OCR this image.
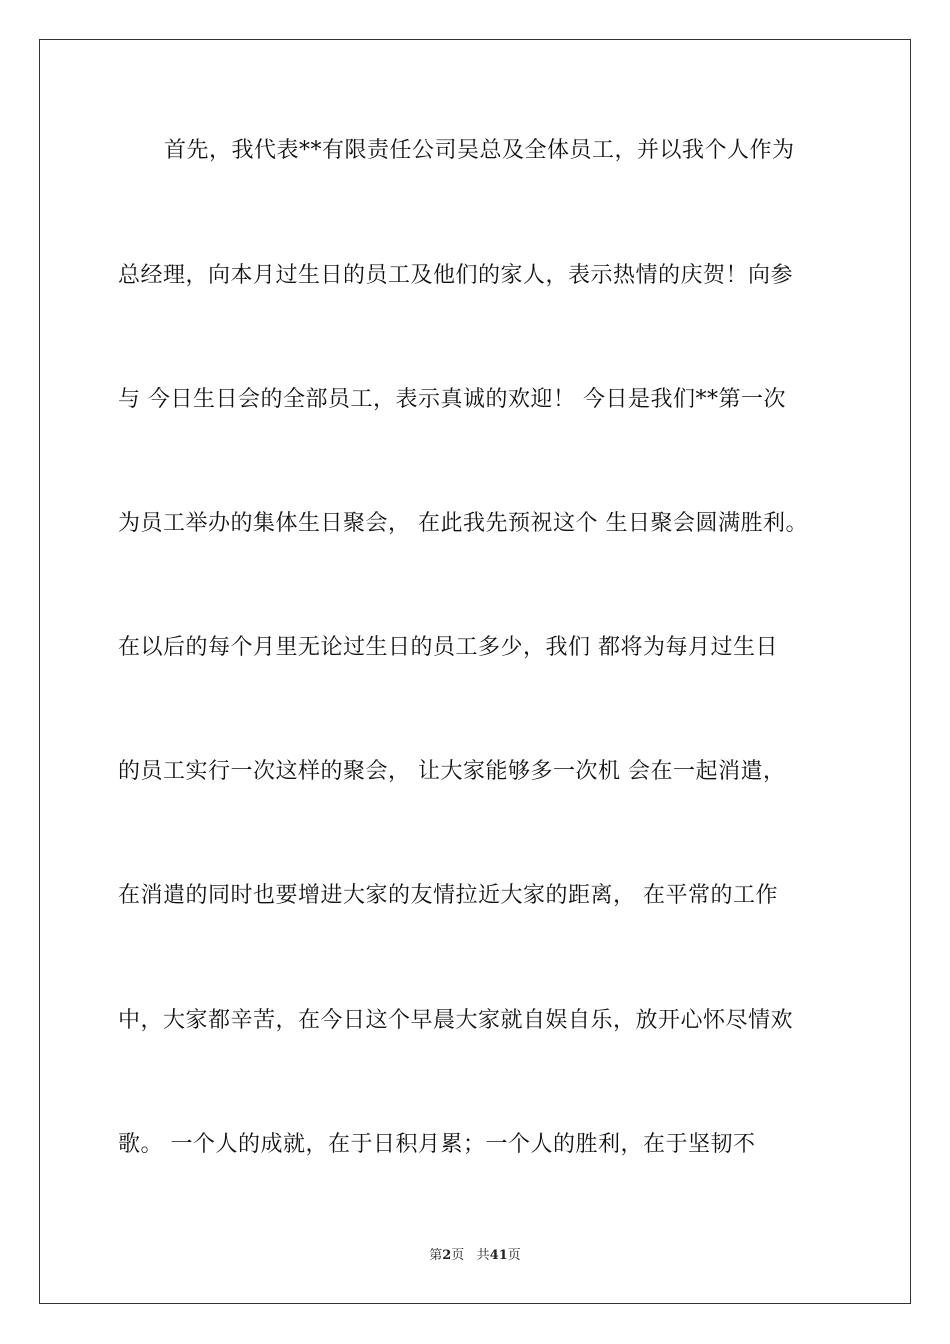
首先，我代表**有限责任公司吴总及全体员工，并以我个人作为
总经理，向本月过生日的员工及他们的家人，表示热情的庆贺！向参
与 今日生日会的全部员工，表示真诚的欢迎！ 今日是我们**第一次
为员工举办的集体生日聚会， 在此我先预祝这个 生日聚会圆满胜利。
在以后的每个月里无论过生日的员工多少，我们 都将为每月过生日
的员工实行一次这样的聚会， 让大家能够多一次机 会在一起消遣，
在消遣的同时也要增进大家的友情拉近大家的距离， 在平常的工作
中，大家都辛苦，在今日这个早晨大家就自娱自乐，放开心怀尽情欢
歌。 一个人的成就，在于日积月累；一个人的胜利，在于坚韧不
第2页 共41页
